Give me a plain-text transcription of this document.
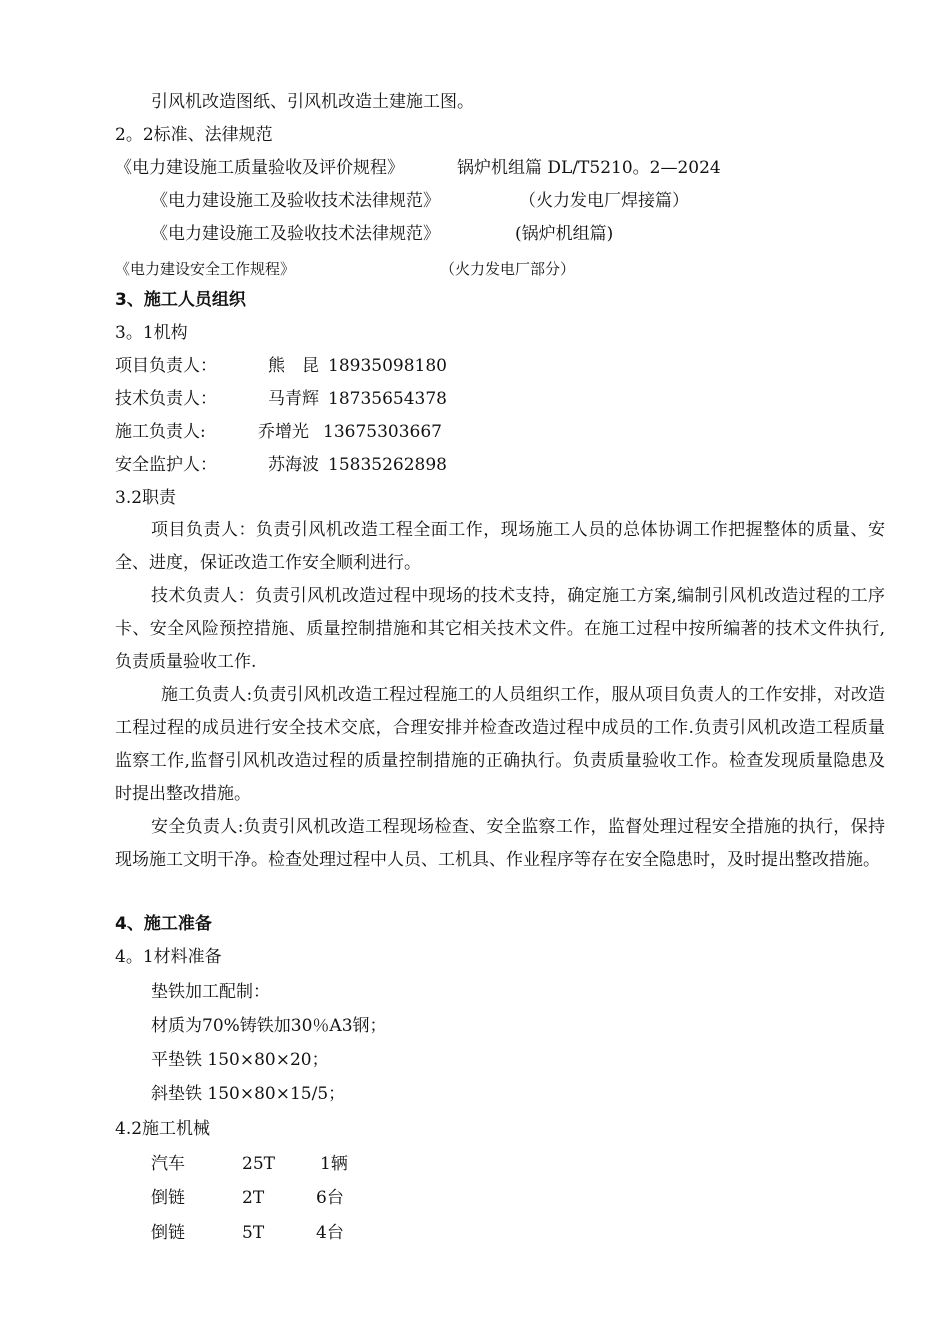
引风机改造图纸、引风机改造土建施工图。
2。2标准、法律规范
《电力建设施工质量验收及评价规程》	锅炉机组篇 DL/T5210。2—2024
《电力建设施工及验收技术法律规范》	（火力发电厂焊接篇）
《电力建设施工及验收技术法律规范》	(锅炉机组篇)
《电力建设安全工作规程》	（火力发电厂部分）
3、施工人员组织
3。1机构
项目负责人：	熊　昆 18935098180
技术负责人：	马青辉 18735654378
施工负责人:	乔增光 13675303667
安全监护人：	苏海波 15835262898
3.2职责
项目负责人：负责引风机改造工程全面工作，现场施工人员的总体协调工作把握整体的质量、安全、进度，保证改造工作安全顺利进行。
技术负责人：负责引风机改造过程中现场的技术支持，确定施工方案,编制引风机改造过程的工序卡、安全风险预控措施、质量控制措施和其它相关技术文件。在施工过程中按所编著的技术文件执行,负责质量验收工作.
施工负责人:负责引风机改造工程过程施工的人员组织工作，服从项目负责人的工作安排，对改造工程过程的成员进行安全技术交底，合理安排并检查改造过程中成员的工作.负责引风机改造工程质量监察工作,监督引风机改造过程的质量控制措施的正确执行。负责质量验收工作。检查发现质量隐患及时提出整改措施。
安全负责人:负责引风机改造工程现场检查、安全监察工作，监督处理过程安全措施的执行，保持现场施工文明干净。检查处理过程中人员、工机具、作业程序等存在安全隐患时，及时提出整改措施。
4、施工准备
4。1材料准备
垫铁加工配制：
材质为70%铸铁加30％A3钢；
平垫铁 150×80×20；
斜垫铁 150×80×15/5；
4.2施工机械
汽车	25T	1辆
倒链	2T	6台
倒链	5T	4台
